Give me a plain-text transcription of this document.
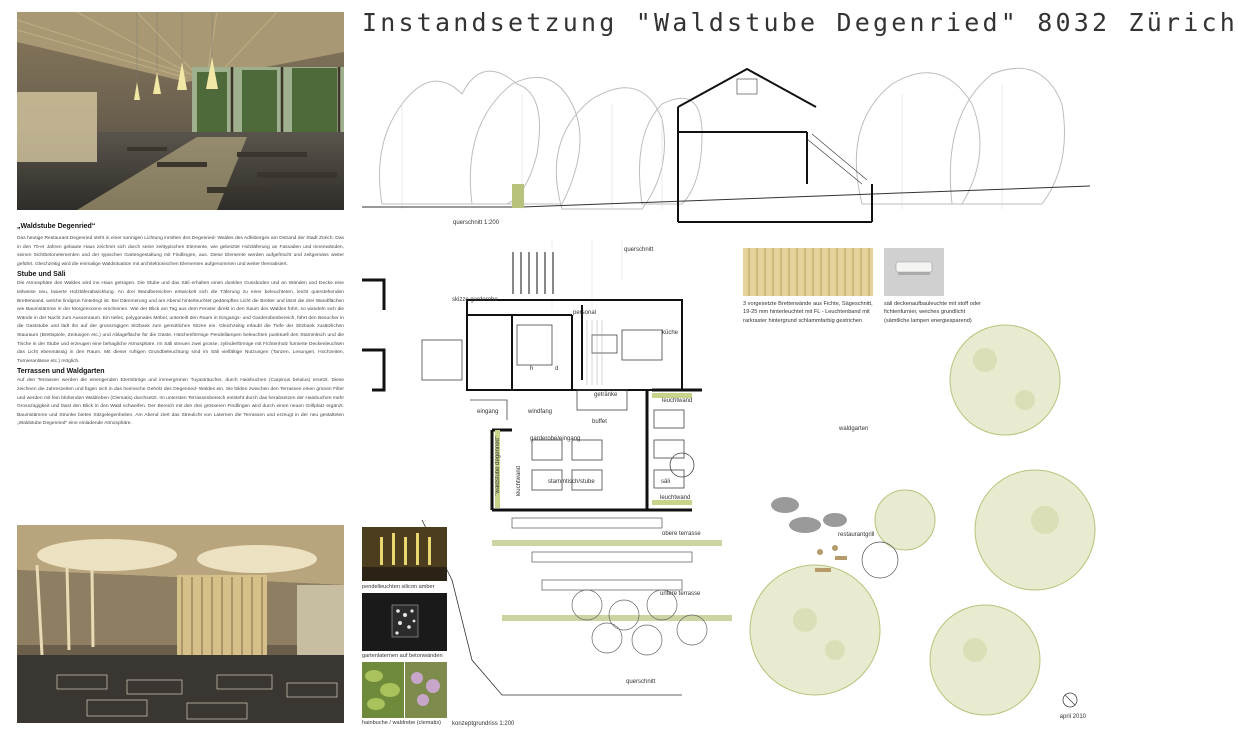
Instandsetzung "Waldstube Degenried" 8032 Zürich
„Waldstube Degenried“

Das heutige Restaurant Degenried steht in einer sonnigen Lichtung inmitten des Degenried- Waldes des Adlisberges am Ostrand der Stadt Zürich. Das in den 70-er Jahren gebaute Haus zeichnet sich durch seine zeittypischen Elemente, wie gebeizter Holztäferung an Fassaden und Innenwänden, seinen Sichtbetonelementen und der typischen Gartengestaltung mit Findlingen, aus. Diese Elemente werden aufgefrischt und zeitgemäss weiter geführt. Gleichzeitig wird die einmalige Waldsituation mit architektonischen Elementen aufgenommen und weiter thematisiert.

Stube und Säli

Die Atmosphäre des Waldes wird ins Haus getragen. Die Stube und das Säli erhalten einen dunklen Gussboden und an Wänden und Decke eine teilweise neu, lasierte Holztäferabwicklung. An drei Wandbereichen entwickelt sich die Täferung zu einer beleuchteten, leicht querstehenden Bretterwand, welche lindgrün hinterlegt ist. Bei Dämmerung und am Abend hinterleuchtet gedämpftes Licht die Bretter und lässt die drei Wandflächen wie Baumstämme in der Morgensonne erscheinen. Wie der Blick am Tag aus dem Fenster direkt in den Saum des Waldes führt, so wandeln sich die Wände in der Nacht zum Aussenraum. Ein tiefes, polygonales Möbel, unterteilt den Raum in Eingangs- und Garderobenbereich, führt den Besucher in die Gaststube und lädt ihn auf der grosszügigen Sitzbank zum gemütlichen Sitzen ein. Gleichzeitig erlaubt die Tiefe der Sitzbank zusätzlichen Stauraum (Brettspiele, Zeitungen etc.) und Ablagefläche für die Gäste. Hütchenförmige Pendellampen beleuchten punktuell den Stammtisch und die Tische in der Stube und erzeugen eine behagliche Atmosphäre. Im Säli streuen zwei grosse, zylinderförmige mit Fichtenholz furnierte Deckenleuchten das Licht ebenmässig in den Raum. Mit dieser ruhigen Grundbeleuchtung sind im Säli vielfältige Nutzungen (Tanzen, Lesungen, Hochzeiten, Turnieranlässe etc.) möglich.

Terrassen und Waldgarten

Auf den Terrassen werden die einengenden Eternittröge und immergrünen Tuyasträucher, durch Hainbuchen (Carpinus betulus) ersetzt. Diese zeichnen die Jahreszeiten und fügen sich in das heimische Gehölz des Degenried- Waldes ein. Sie bilden zwischen den Terrassen einen grünen Filter und werden mit fein blühenden Waldreben (Clematis) durchsetzt. Im untersten Terrassenbereich entsteht durch das herabsetzen der Hainbuchen mehr Grosszügigkeit und lässt den Blick in den Wald schweifen. Der Bereich mit den drei grösseren Findlingen wird durch einen neuen Grillplatz ergänzt. Baumstämme und Strunke bieten Sitzgelegenheiten. Am Abend ziert das Streulicht von Laternen die Terrassen und erzeugt in der neu gestalteten „Waldstube Degenried“ eine einladende Atmosphäre.

querschnitt 1:200
querschnitt
skizze garderobe
personal
küche
h	d
getränke
leuchtwand
eingang	windfang
buffet
garderobe/eingang
"waldstube degenried"	leuchtwand	stammtisch/stube	säli
leuchtwand
obere terrasse
untere terrasse
querschnitt
konzeptgrundriss 1:200
3 vorgesetzte Bretterwände aus Fichte, Sägeschnitt, 19-25 mm hinterleuchtet mit FL - Leuchtenband mit rarkraster hintergrund schlammfarbig gestrichen
säli deckenaufbauleuchte mit stoff oder fichtenfurnier, weiches grundlicht (sämtliche lampen energiesparend)
waldgarten
restaurantgrill
pendelleuchten silicon amber
gartenlaternen auf betonwänden
hainbuche / waldrebe (clematis)
april 2010
